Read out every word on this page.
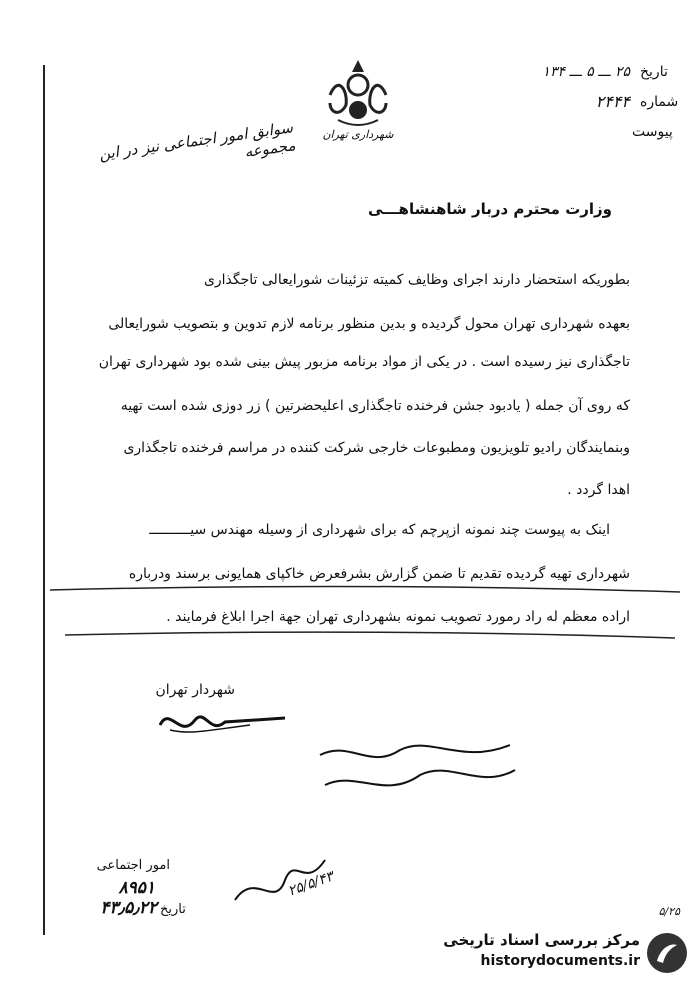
شهرداری تهران
تاریخ
۲۵ ـــ ۵ ـــ ۱۳۴
شماره
۲۴۴۴
پیوست
سوابق امور اجتماعی نیز در این مجموعه
وزارت محترم دربار شاهنشاهـــی
بطوریکه استحضار دارند اجرای وظایف کمیته تزئینات شورایعالی تاجگذاری
بعهده شهرداری تهران محول گردیده و بدین منظور برنامه لازم تدوین و بتصویب شورایعالی
تاجگذاری نیز رسیده است . در یکی از مواد برنامه مزبور پیش بینی شده بود شهرداری تهران
که روی آن جمله ( یادبود جشن فرخنده تاجگذاری اعلیحضرتین ) زر دوزی شده است تهیه
وبنمایندگان رادیو تلویزیون ومطبوعات خارجی شرکت کننده در مراسم فرخنده تاجگذاری
اهدا گردد .
اینک به پیوست چند نمونه ازپرچم که برای شهرداری از وسیله مهندس سیــــــــــ
شهرداری تهیه گردیده تقدیم تا ضمن گزارش بشرفعرض خاکپای همایونی برسند ودرباره
اراده معظم له راد رمورد تصویب نمونه بشهرداری تهران جهة اجرا ابلاغ فرمایند .
شهردار تهران
امور اجتماعی
۸۹۵۱
۴۳٫۵٫۲۲ تاریخ
۲۵/۵/۴۳
۵/۲۵
مرکز بررسی اسناد تاریخی
historydocuments.ir
